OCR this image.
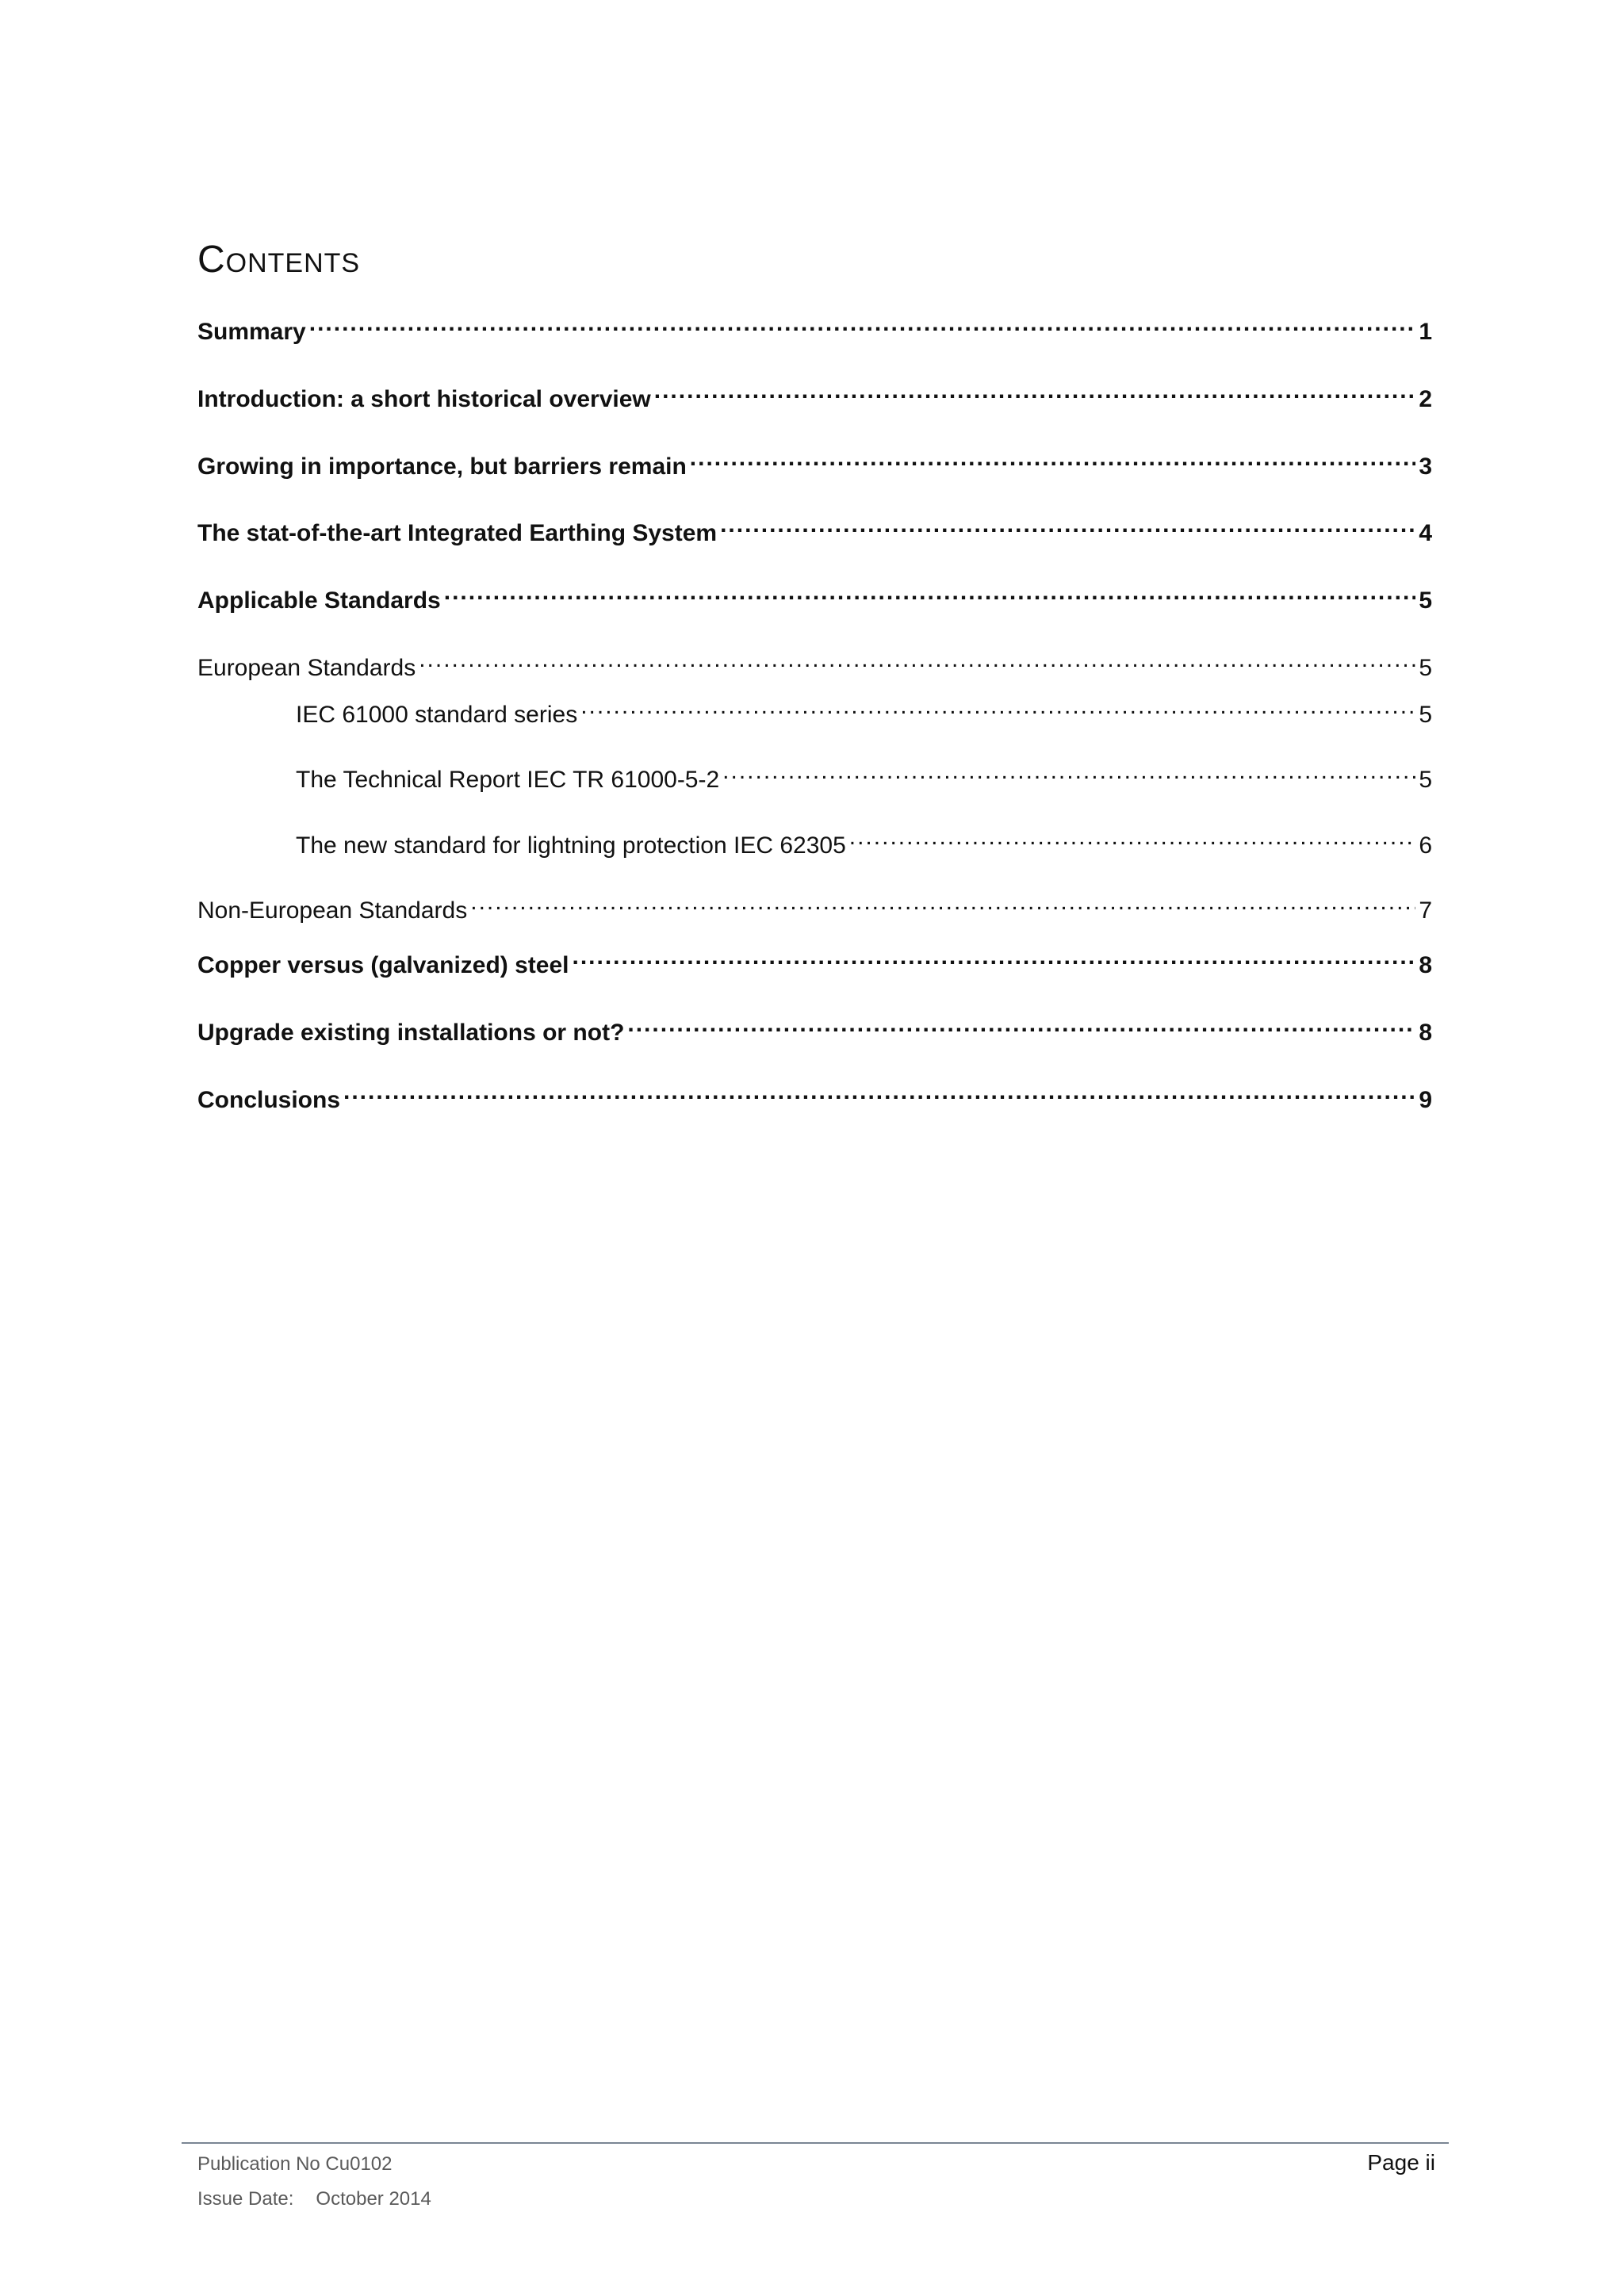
Contents
Summary .....	1
Introduction: a short historical overview .....	2
Growing in importance, but barriers remain .....	3
The stat-of-the-art Integrated Earthing System .....	4
Applicable Standards .....	5
European Standards .....	5
IEC 61000 standard series .....	5
The Technical Report IEC TR 61000-5-2 .....	5
The new standard for lightning protection IEC 62305 .....	6
Non-European Standards .....	7
Copper versus (galvanized) steel .....	8
Upgrade existing installations or not? .....	8
Conclusions .....	9
Publication No Cu0102
Issue Date: October 2014
Page ii
